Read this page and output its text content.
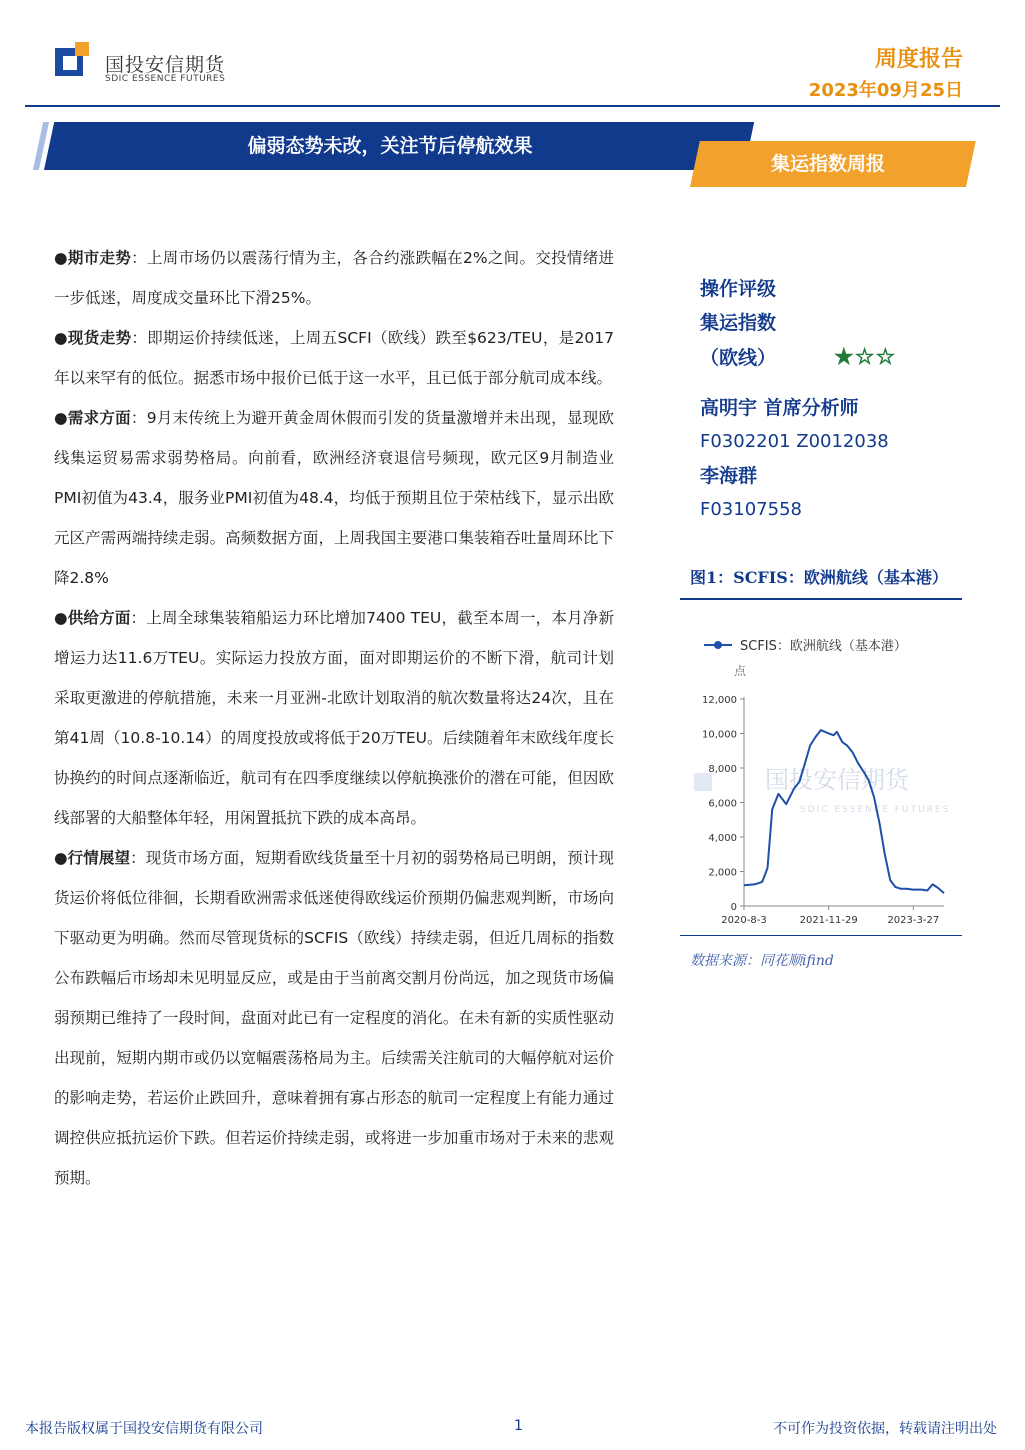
国投安信期货
SDIC ESSENCE FUTURES
周度报告
2023年09月25日
偏弱态势未改，关注节后停航效果
集运指数周报

●期市走势：上周市场仍以震荡行情为主，各合约涨跌幅在2%之间。交投情绪进一步低迷，周度成交量环比下滑25%。

●现货走势：即期运价持续低迷，上周五SCFI（欧线）跌至$623/TEU，是2017年以来罕有的低位。据悉市场中报价已低于这一水平，且已低于部分航司成本线。

●需求方面：9月末传统上为避开黄金周休假而引发的货量激增并未出现，显现欧线集运贸易需求弱势格局。向前看，欧洲经济衰退信号频现，欧元区9月制造业PMI初值为43.4，服务业PMI初值为48.4，均低于预期且位于荣枯线下，显示出欧元区产需两端持续走弱。高频数据方面，上周我国主要港口集装箱吞吐量周环比下降2.8%

●供给方面：上周全球集装箱船运力环比增加7400 TEU，截至本周一，本月净新增运力达11.6万TEU。实际运力投放方面，面对即期运价的不断下滑，航司计划采取更激进的停航措施，未来一月亚洲-北欧计划取消的航次数量将达24次，且在第41周（10.8-10.14）的周度投放或将低于20万TEU。后续随着年末欧线年度长协换约的时间点逐渐临近，航司有在四季度继续以停航换涨价的潜在可能，但因欧线部署的大船整体年轻，用闲置抵抗下跌的成本高昂。

●行情展望：现货市场方面，短期看欧线货量至十月初的弱势格局已明朗，预计现货运价将低位徘徊，长期看欧洲需求低迷使得欧线运价预期仍偏悲观判断，市场向下驱动更为明确。然而尽管现货标的SCFIS（欧线）持续走弱，但近几周标的指数公布跌幅后市场却未见明显反应，或是由于当前离交割月份尚远，加之现货市场偏弱预期已维持了一段时间，盘面对此已有一定程度的消化。在未有新的实质性驱动出现前，短期内期市或仍以宽幅震荡格局为主。后续需关注航司的大幅停航对运价的影响走势，若运价止跌回升，意味着拥有寡占形态的航司一定程度上有能力通过调控供应抵抗运价下跌。但若运价持续走弱，或将进一步加重市场对于未来的悲观预期。

操作评级
集运指数
（欧线）	★☆☆
高明宇 首席分析师
F0302201 Z0012038
李海群
F03107558
图1：SCFIS：欧洲航线（基本港）
国投安信期货
SDIC ESSENCE FUTURES
SCFIS：欧洲航线（基本港）
点
12,000
10,000
8,000
6,000
4,000
2,000
0
2020-8-3	2021-11-29	2023-3-27
数据来源：同花顺ifind
本报告版权属于国投安信期货有限公司	1	不可作为投资依据，转载请注明出处
